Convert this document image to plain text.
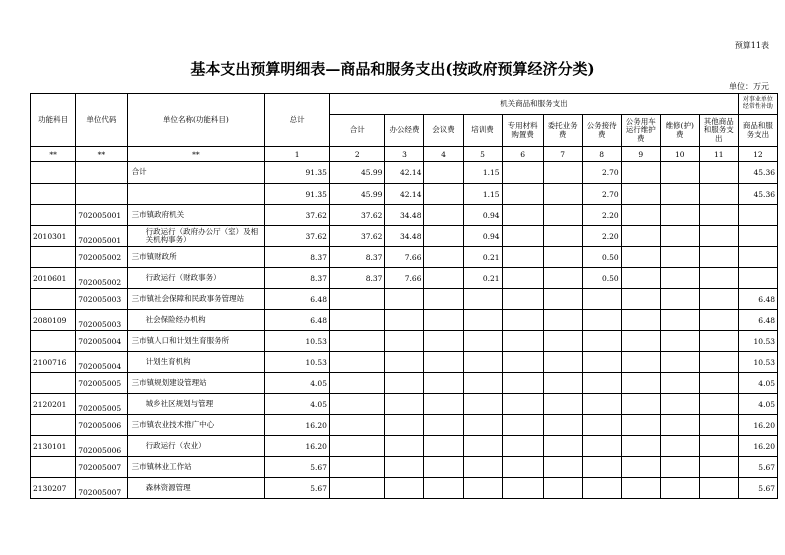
预算11表
基本支出预算明细表—商品和服务支出(按政府预算经济分类)
单位：万元
功能科目	单位代码	单位名称(功能科目)	总计	机关商品和服务支出										对事业单位经常性补助
				合计	办公经费	会议费	培训费	专用材料购置费	委托业务费	公务接待费	公务用车运行维护费	维修(护)费	其他商品和服务支出	商品和服务支出
**	**	**	1	2	3	4	5	6	7	8	9	10	11	12
		合计	91.35	45.99	42.14		1.15			2.70				45.36
			91.35	45.99	42.14		1.15			2.70				45.36
	702005001	三市镇政府机关	37.62	37.62	34.48		0.94			2.20				
2010301	702005001	行政运行（政府办公厅（室）及相关机构事务）	37.62	37.62	34.48		0.94			2.20				
	702005002	三市镇财政所	8.37	8.37	7.66		0.21			0.50				
2010601	702005002	行政运行（财政事务）	8.37	8.37	7.66		0.21			0.50				
	702005003	三市镇社会保障和民政事务管理站	6.48											6.48
2080109	702005003	社会保险经办机构	6.48											6.48
	702005004	三市镇人口和计划生育服务所	10.53											10.53
2100716	702005004	计划生育机构	10.53											10.53
	702005005	三市镇规划建设管理站	4.05											4.05
2120201	702005005	城乡社区规划与管理	4.05											4.05
	702005006	三市镇农业技术推广中心	16.20											16.20
2130101	702005006	行政运行（农业）	16.20											16.20
	702005007	三市镇林业工作站	5.67											5.67
2130207	702005007	森林资源管理	5.67											5.67
